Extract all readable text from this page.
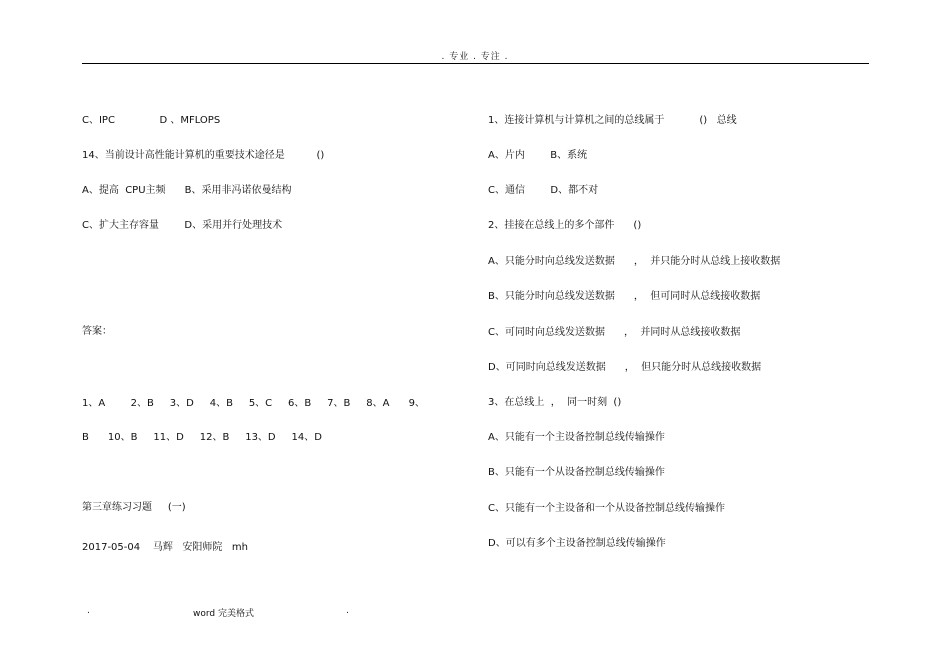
. 专业 . 专注 .
C、IPC              D 、MFLOPS
14、当前设计高性能计算机的重要技术途径是          ()
A、提高  CPU主频      B、采用非冯诺依曼结构
C、扩大主存容量        D、采用并行处理技术
答案：
1、A        2、B     3、D     4、B     5、C     6、B     7、B     8、A      9、
B      10、B     11、D     12、B     13、D     14、D
第三章练习习题     (一)
2017-05-04    马辉   安阳师院   mh
1、连接计算机与计算机之间的总线属于           ()   总线
A、片内        B、系统
C、通信        D、都不对
2、挂接在总线上的多个部件      ()
A、只能分时向总线发送数据      ，  并只能分时从总线上接收数据
B、只能分时向总线发送数据      ，  但可同时从总线接收数据
C、可同时向总线发送数据      ，  并同时从总线接收数据
D、可同时向总线发送数据      ，  但只能分时从总线接收数据
3、在总线上  ，  同一时刻  ()
A、只能有一个主设备控制总线传输操作
B、只能有一个从设备控制总线传输操作
C、只能有一个主设备和一个从设备控制总线传输操作
D、可以有多个主设备控制总线传输操作
.	word 完美格式	.
